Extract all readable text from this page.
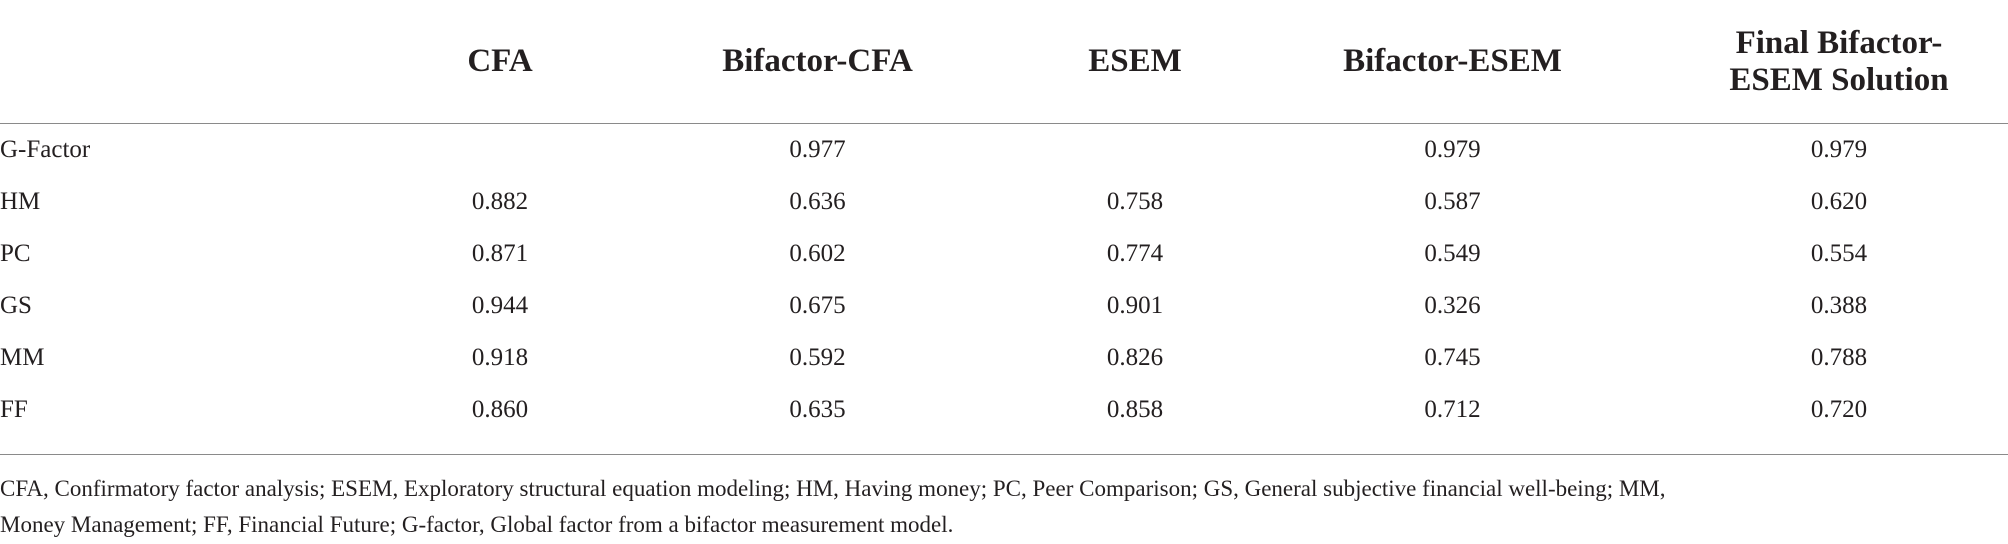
	CFA	Bifactor-CFA	ESEM	Bifactor-ESEM	Final Bifactor-
ESEM Solution
G-Factor		0.977		0.979	0.979
HM	0.882	0.636	0.758	0.587	0.620
PC	0.871	0.602	0.774	0.549	0.554
GS	0.944	0.675	0.901	0.326	0.388
MM	0.918	0.592	0.826	0.745	0.788
FF	0.860	0.635	0.858	0.712	0.720
CFA, Confirmatory factor analysis; ESEM, Exploratory structural equation modeling; HM, Having money; PC, Peer Comparison; GS, General subjective financial well-being; MM,
Money Management; FF, Financial Future; G-factor, Global factor from a bifactor measurement model.
